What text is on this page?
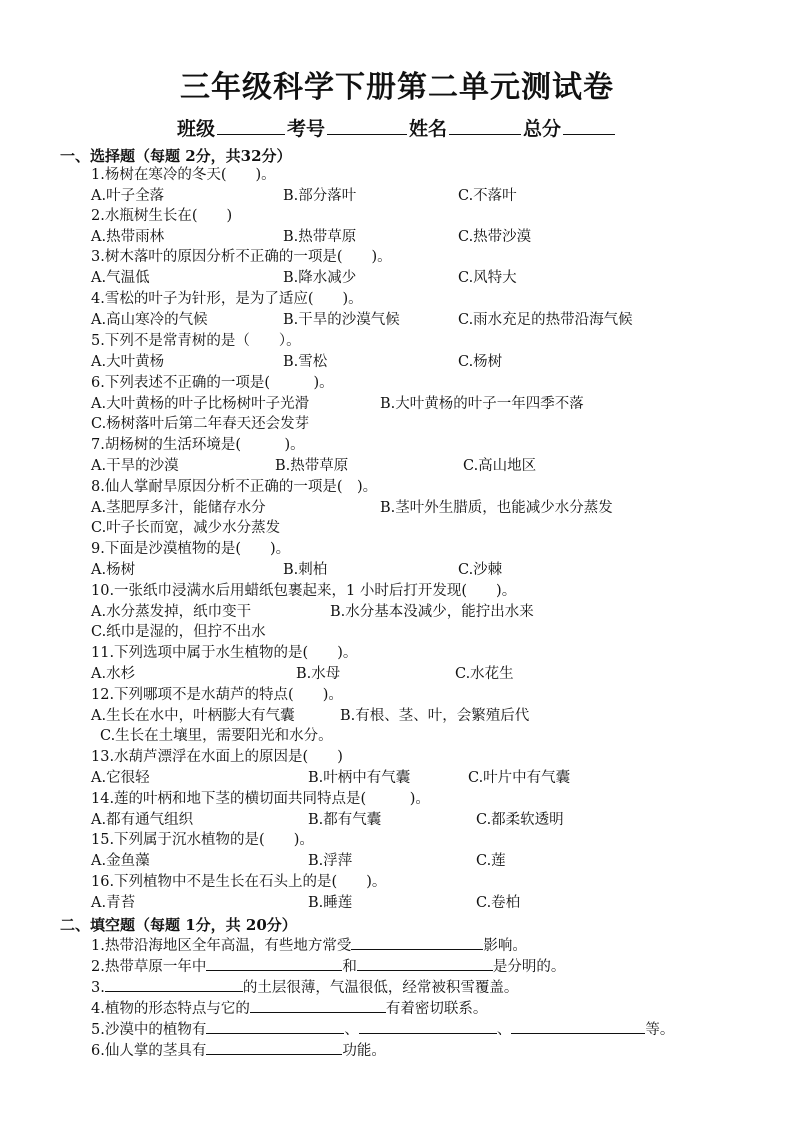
三年级科学下册第二单元测试卷
班级	考号	姓名	总分
一、选择题（每题 2分，共32分）
1.杨树在寒冷的冬天(　　)。
A.叶子全落	B.部分落叶	C.不落叶
2.水瓶树生长在(　　)
A.热带雨林	B.热带草原	C.热带沙漠
3.树木落叶的原因分析不正确的一项是(　　)。
A.气温低	B.降水减少	C.风特大
4.雪松的叶子为针形，是为了适应(　　)。
A.高山寒冷的气候	B.干旱的沙漠气候	C.雨水充足的热带沿海气候
5.下列不是常青树的是（　　）。
A.大叶黄杨	B.雪松	C.杨树
6.下列表述不正确的一项是(　　　)。
A.大叶黄杨的叶子比杨树叶子光滑	B.大叶黄杨的叶子一年四季不落
C.杨树落叶后第二年春天还会发芽
7.胡杨树的生活环境是(　　　)。
A.干旱的沙漠	B.热带草原	C.高山地区
8.仙人掌耐旱原因分析不正确的一项是(　)。
A.茎肥厚多汁，能储存水分	B.茎叶外生腊质，也能减少水分蒸发
C.叶子长而宽，减少水分蒸发
9.下面是沙漠植物的是(　　)。
A.杨树	B.刺柏	C.沙棘
10.一张纸巾浸满水后用蜡纸包裹起来，1 小时后打开发现(　　)。
A.水分蒸发掉，纸巾变干	B.水分基本没减少，能拧出水来
C.纸巾是湿的，但拧不出水
11.下列选项中属于水生植物的是(　　)。
A.水杉	B.水母	C.水花生
12.下列哪项不是水葫芦的特点(　　)。
A.生长在水中，叶柄膨大有气囊	B.有根、茎、叶，会繁殖后代
C.生长在土壤里，需要阳光和水分。
13.水葫芦漂浮在水面上的原因是(　　)
A.它很轻	B.叶柄中有气囊	C.叶片中有气囊
14.莲的叶柄和地下茎的横切面共同特点是(　　　)。
A.都有通气组织	B.都有气囊	C.都柔软透明
15.下列属于沉水植物的是(　　)。
A.金鱼藻	B.浮萍	C.莲
16.下列植物中不是生长在石头上的是(　　)。
A.青苔	B.睡莲	C.卷柏
二、填空题（每题 1分，共 20分）
1.热带沿海地区全年高温，有些地方常受	影响。
2.热带草原一年中	和	是分明的。
3.	的土层很薄，气温很低，经常被积雪覆盖。
4.植物的形态特点与它的	有着密切联系。
5.沙漠中的植物有	、	、	等。
6.仙人掌的茎具有	功能。
